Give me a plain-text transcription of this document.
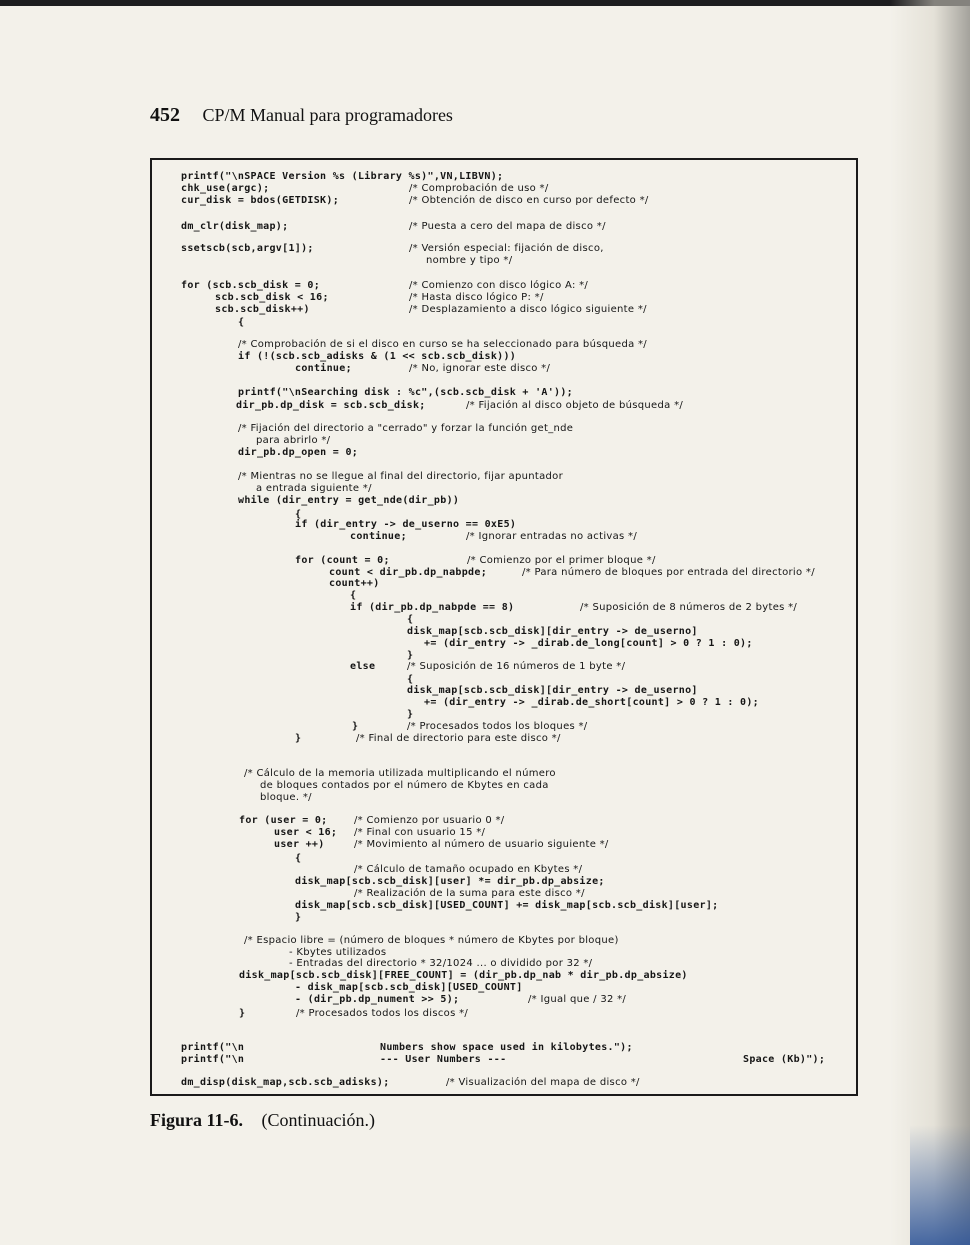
452 CP/M Manual para programadores
printf("\nSPACE Version %s (Library %s)",VN,LIBVN);
chk_use(argc);	/* Comprobación de uso */
cur_disk = bdos(GETDISK);	/* Obtención de disco en curso por defecto */
dm_clr(disk_map);	/* Puesta a cero del mapa de disco */
ssetscb(scb,argv[1]);	/* Versión especial: fijación de disco,
nombre y tipo */
for (scb.scb_disk = 0;	/* Comienzo con disco lógico A: */
scb.scb_disk < 16;	/* Hasta disco lógico P: */
scb.scb_disk++)	/* Desplazamiento a disco lógico siguiente */
{
/* Comprobación de si el disco en curso se ha seleccionado para búsqueda */
if (!(scb.scb_adisks & (1 << scb.scb_disk)))
continue;	/* No, ignorar este disco */
printf("\nSearching disk : %c",(scb.scb_disk + 'A'));
dir_pb.dp_disk = scb.scb_disk;	/* Fijación al disco objeto de búsqueda */
/* Fijación del directorio a "cerrado" y forzar la función get_nde
para abrirlo */
dir_pb.dp_open = 0;
/* Mientras no se llegue al final del directorio, fijar apuntador
a entrada siguiente */
while (dir_entry = get_nde(dir_pb))
{
if (dir_entry -> de_userno == 0xE5)
continue;	/* Ignorar entradas no activas */
for (count = 0;	/* Comienzo por el primer bloque */
count < dir_pb.dp_nabpde;	/* Para número de bloques por entrada del directorio */
count++)
{
if (dir_pb.dp_nabpde == 8)	/* Suposición de 8 números de 2 bytes */
{
disk_map[scb.scb_disk][dir_entry -> de_userno]
+= (dir_entry -> _dirab.de_long[count] > 0 ? 1 : 0);
}
else	/* Suposición de 16 números de 1 byte */
{
disk_map[scb.scb_disk][dir_entry -> de_userno]
+= (dir_entry -> _dirab.de_short[count] > 0 ? 1 : 0);
}
}	/* Procesados todos los bloques */
}	/* Final de directorio para este disco */
/* Cálculo de la memoria utilizada multiplicando el número
de bloques contados por el número de Kbytes en cada
bloque. */
for (user = 0;	/* Comienzo por usuario 0 */
user < 16; /* Final con usuario 15 */
user ++)	/* Movimiento al número de usuario siguiente */
{
/* Cálculo de tamaño ocupado en Kbytes */
disk_map[scb.scb_disk][user] *= dir_pb.dp_absize;
/* Realización de la suma para este disco */
disk_map[scb.scb_disk][USED_COUNT] += disk_map[scb.scb_disk][user];
}
/* Espacio libre = (número de bloques * número de Kbytes por bloque)
- Kbytes utilizados
- Entradas del directorio * 32/1024 ... o dividido por 32 */
disk_map[scb.scb_disk][FREE_COUNT] = (dir_pb.dp_nab * dir_pb.dp_absize)
- disk_map[scb.scb_disk][USED_COUNT]
- (dir_pb.dp_nument >> 5);	/* Igual que / 32 */
}	/* Procesados todos los discos */
printf("\n	Numbers show space used in kilobytes.");
printf("\n	--- User Numbers ---	Space (Kb)");
dm_disp(disk_map,scb.scb_adisks);	/* Visualización del mapa de disco */
Figura 11-6. (Continuación.)
